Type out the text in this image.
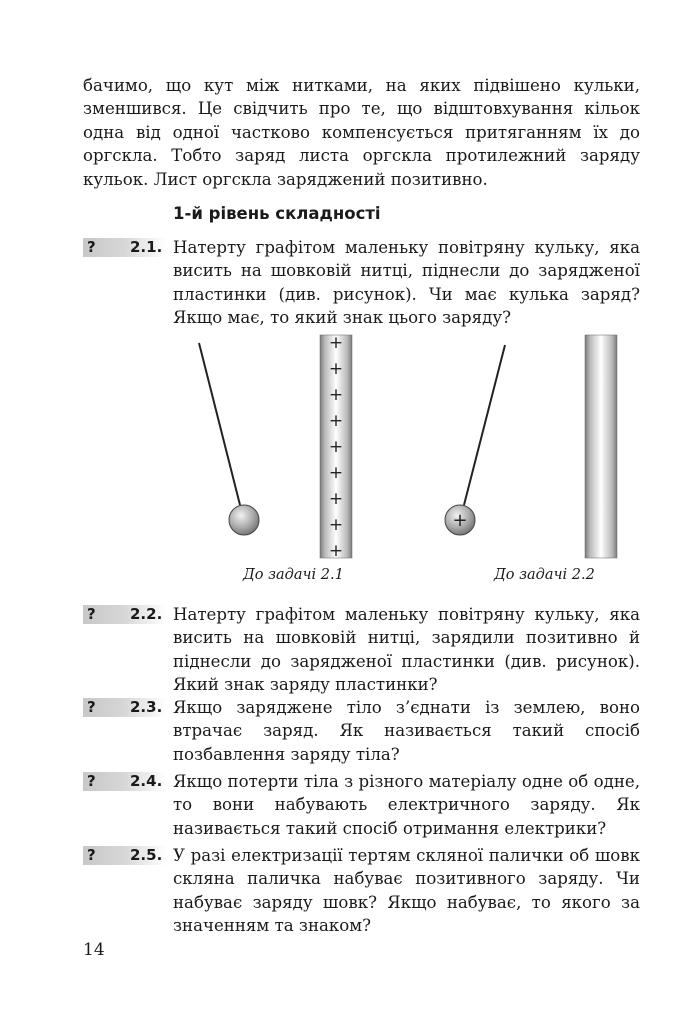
бачимо, що кут між нитками, на яких підвішено кульки, зменшився. Це свідчить про те, що відштовхування кільок одна від одної частково компенсується притяганням їх до оргскла. Тобто заряд листа оргскла протилежний заряду кульок. Лист оргскла заряджений позитивно.

1-й рівень складності
? 2.1. Натерту графітом маленьку повітряну кульку, яка висить на шовковій нитці, піднесли до зарядженої пластинки (див. рисунок). Чи має кулька заряд? Якщо має, то який знак цього заряду?

+
+
+
+
+
+
+
+
+
+
До задачі 2.1	До задачі 2.2
? 2.2. Натерту графітом маленьку повітряну кульку, яка висить на шовковій нитці, зарядили позитивно й піднесли до зарядженої пластинки (див. рисунок). Який знак заряду пластинки?

? 2.3. Якщо заряджене тіло з’єднати із землею, воно втрачає заряд. Як називається такий спосіб позбавлення заряду тіла?

? 2.4. Якщо потерти тіла з різного матеріалу одне об одне, то вони набувають електричного заряду. Як називається такий спосіб отримання електрики?

? 2.5. У разі електризації тертям скляної палички об шовк скляна паличка набуває позитивного заряду. Чи набуває заряду шовк? Якщо набуває, то якого за значенням та знаком?

14
